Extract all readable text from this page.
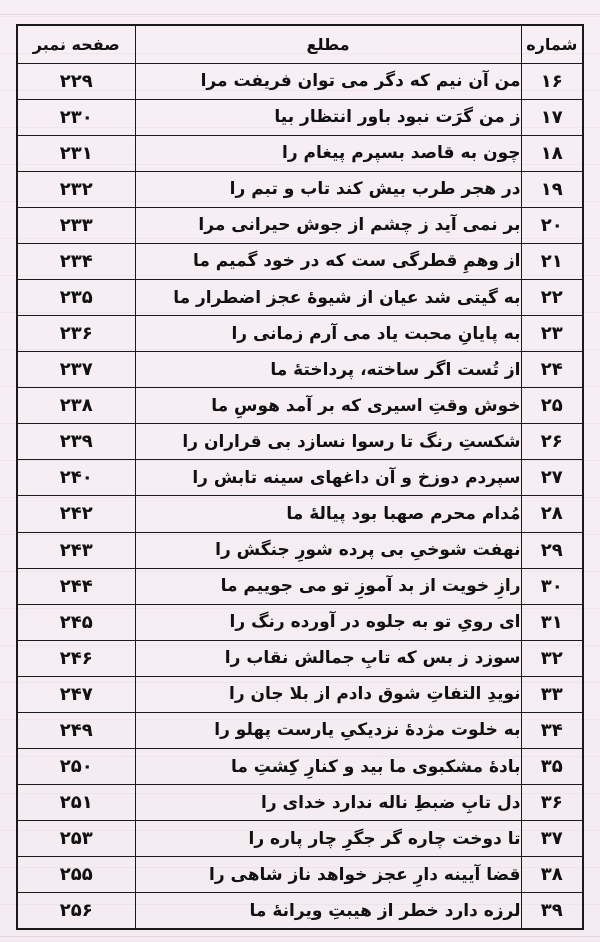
شماره	مطلع	صفحه نمبر
۱۶	من آن نیم که دگر می توان فریفت مرا	۲۲۹
۱۷	ز من گرَت نبود باور انتظار بیا	۲۳۰
۱۸	چون به قاصد بسپرم پیغام را	۲۳۱
۱۹	در هجر طرب بیش کند تاب و تبم را	۲۳۲
۲۰	بر نمی آید ز چشم از جوش حیرانی مرا	۲۳۳
۲۱	از وهمِ قطرگی ست که در خود گمیم ما	۲۳۴
۲۲	به گیتی شد عیان از شیوهٔ عجز اضطرار ما	۲۳۵
۲۳	به پایانِ محبت یاد می آرم زمانی را	۲۳۶
۲۴	از تُست اگر ساخته، پرداختهٔ ما	۲۳۷
۲۵	خوش وقتِ اسیری که بر آمد هوسِ ما	۲۳۸
۲۶	شکستِ رنگ تا رسوا نسازد بی قراران را	۲۳۹
۲۷	سپردم دوزخ و آن داغهای سینه تابش را	۲۴۰
۲۸	مُدام محرم صهبا بود پیالهٔ ما	۲۴۲
۲۹	نهفت شوخیِ بی پرده شورِ جنگش را	۲۴۳
۳۰	رازِ خویت از بد آموزِ تو می جوییم ما	۲۴۴
۳۱	ای رویِ تو به جلوه در آورده رنگ را	۲۴۵
۳۲	سوزد ز بس که تابِ جمالش نقاب را	۲۴۶
۳۳	نویدِ التفاتِ شوق دادم از بلا جان را	۲۴۷
۳۴	به خلوت مژدهٔ نزدیکیِ یارست پهلو را	۲۴۹
۳۵	بادهٔ مشکبوی ما بید و کنارِ کِشتِ ما	۲۵۰
۳۶	دل تابِ ضبطِ ناله ندارد خدای را	۲۵۱
۳۷	تا دوخت چاره گر جگرِ چار پاره را	۲۵۳
۳۸	قضا آیینه دارِ عجز خواهد ناز شاهی را	۲۵۵
۳۹	لرزه دارد خطر از هیبتِ ویرانهٔ ما	۲۵۶
